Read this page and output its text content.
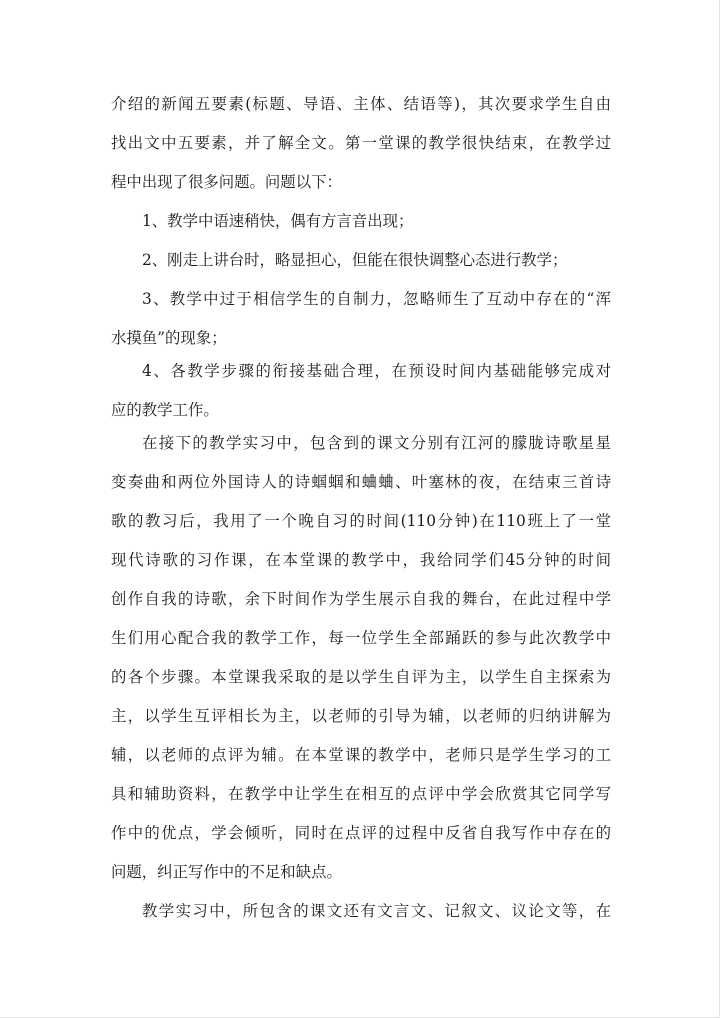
介绍的新闻五要素(标题、导语、主体、结语等)，其次要求学生自由
找出文中五要素，并了解全文。第一堂课的教学很快结束，在教学过
程中出现了很多问题。问题以下：
1、教学中语速稍快，偶有方言音出现；
2、刚走上讲台时，略显担心，但能在很快调整心态进行教学；
3、教学中过于相信学生的自制力，忽略师生了互动中存在的“浑
水摸鱼”的现象；
4、各教学步骤的衔接基础合理，在预设时间内基础能够完成对
应的教学工作。
在接下的教学实习中，包含到的课文分别有江河的朦胧诗歌星星
变奏曲和两位外国诗人的诗蝈蝈和蛐蛐、叶塞林的夜，在结束三首诗
歌的教习后，我用了一个晚自习的时间(110分钟)在110班上了一堂
现代诗歌的习作课，在本堂课的教学中，我给同学们45分钟的时间
创作自我的诗歌，余下时间作为学生展示自我的舞台，在此过程中学
生们用心配合我的教学工作，每一位学生全部踊跃的参与此次教学中
的各个步骤。本堂课我采取的是以学生自评为主，以学生自主探索为
主，以学生互评相长为主，以老师的引导为辅，以老师的归纳讲解为
辅，以老师的点评为辅。在本堂课的教学中，老师只是学生学习的工
具和辅助资料，在教学中让学生在相互的点评中学会欣赏其它同学写
作中的优点，学会倾听，同时在点评的过程中反省自我写作中存在的
问题，纠正写作中的不足和缺点。
教学实习中，所包含的课文还有文言文、记叙文、议论文等，在
